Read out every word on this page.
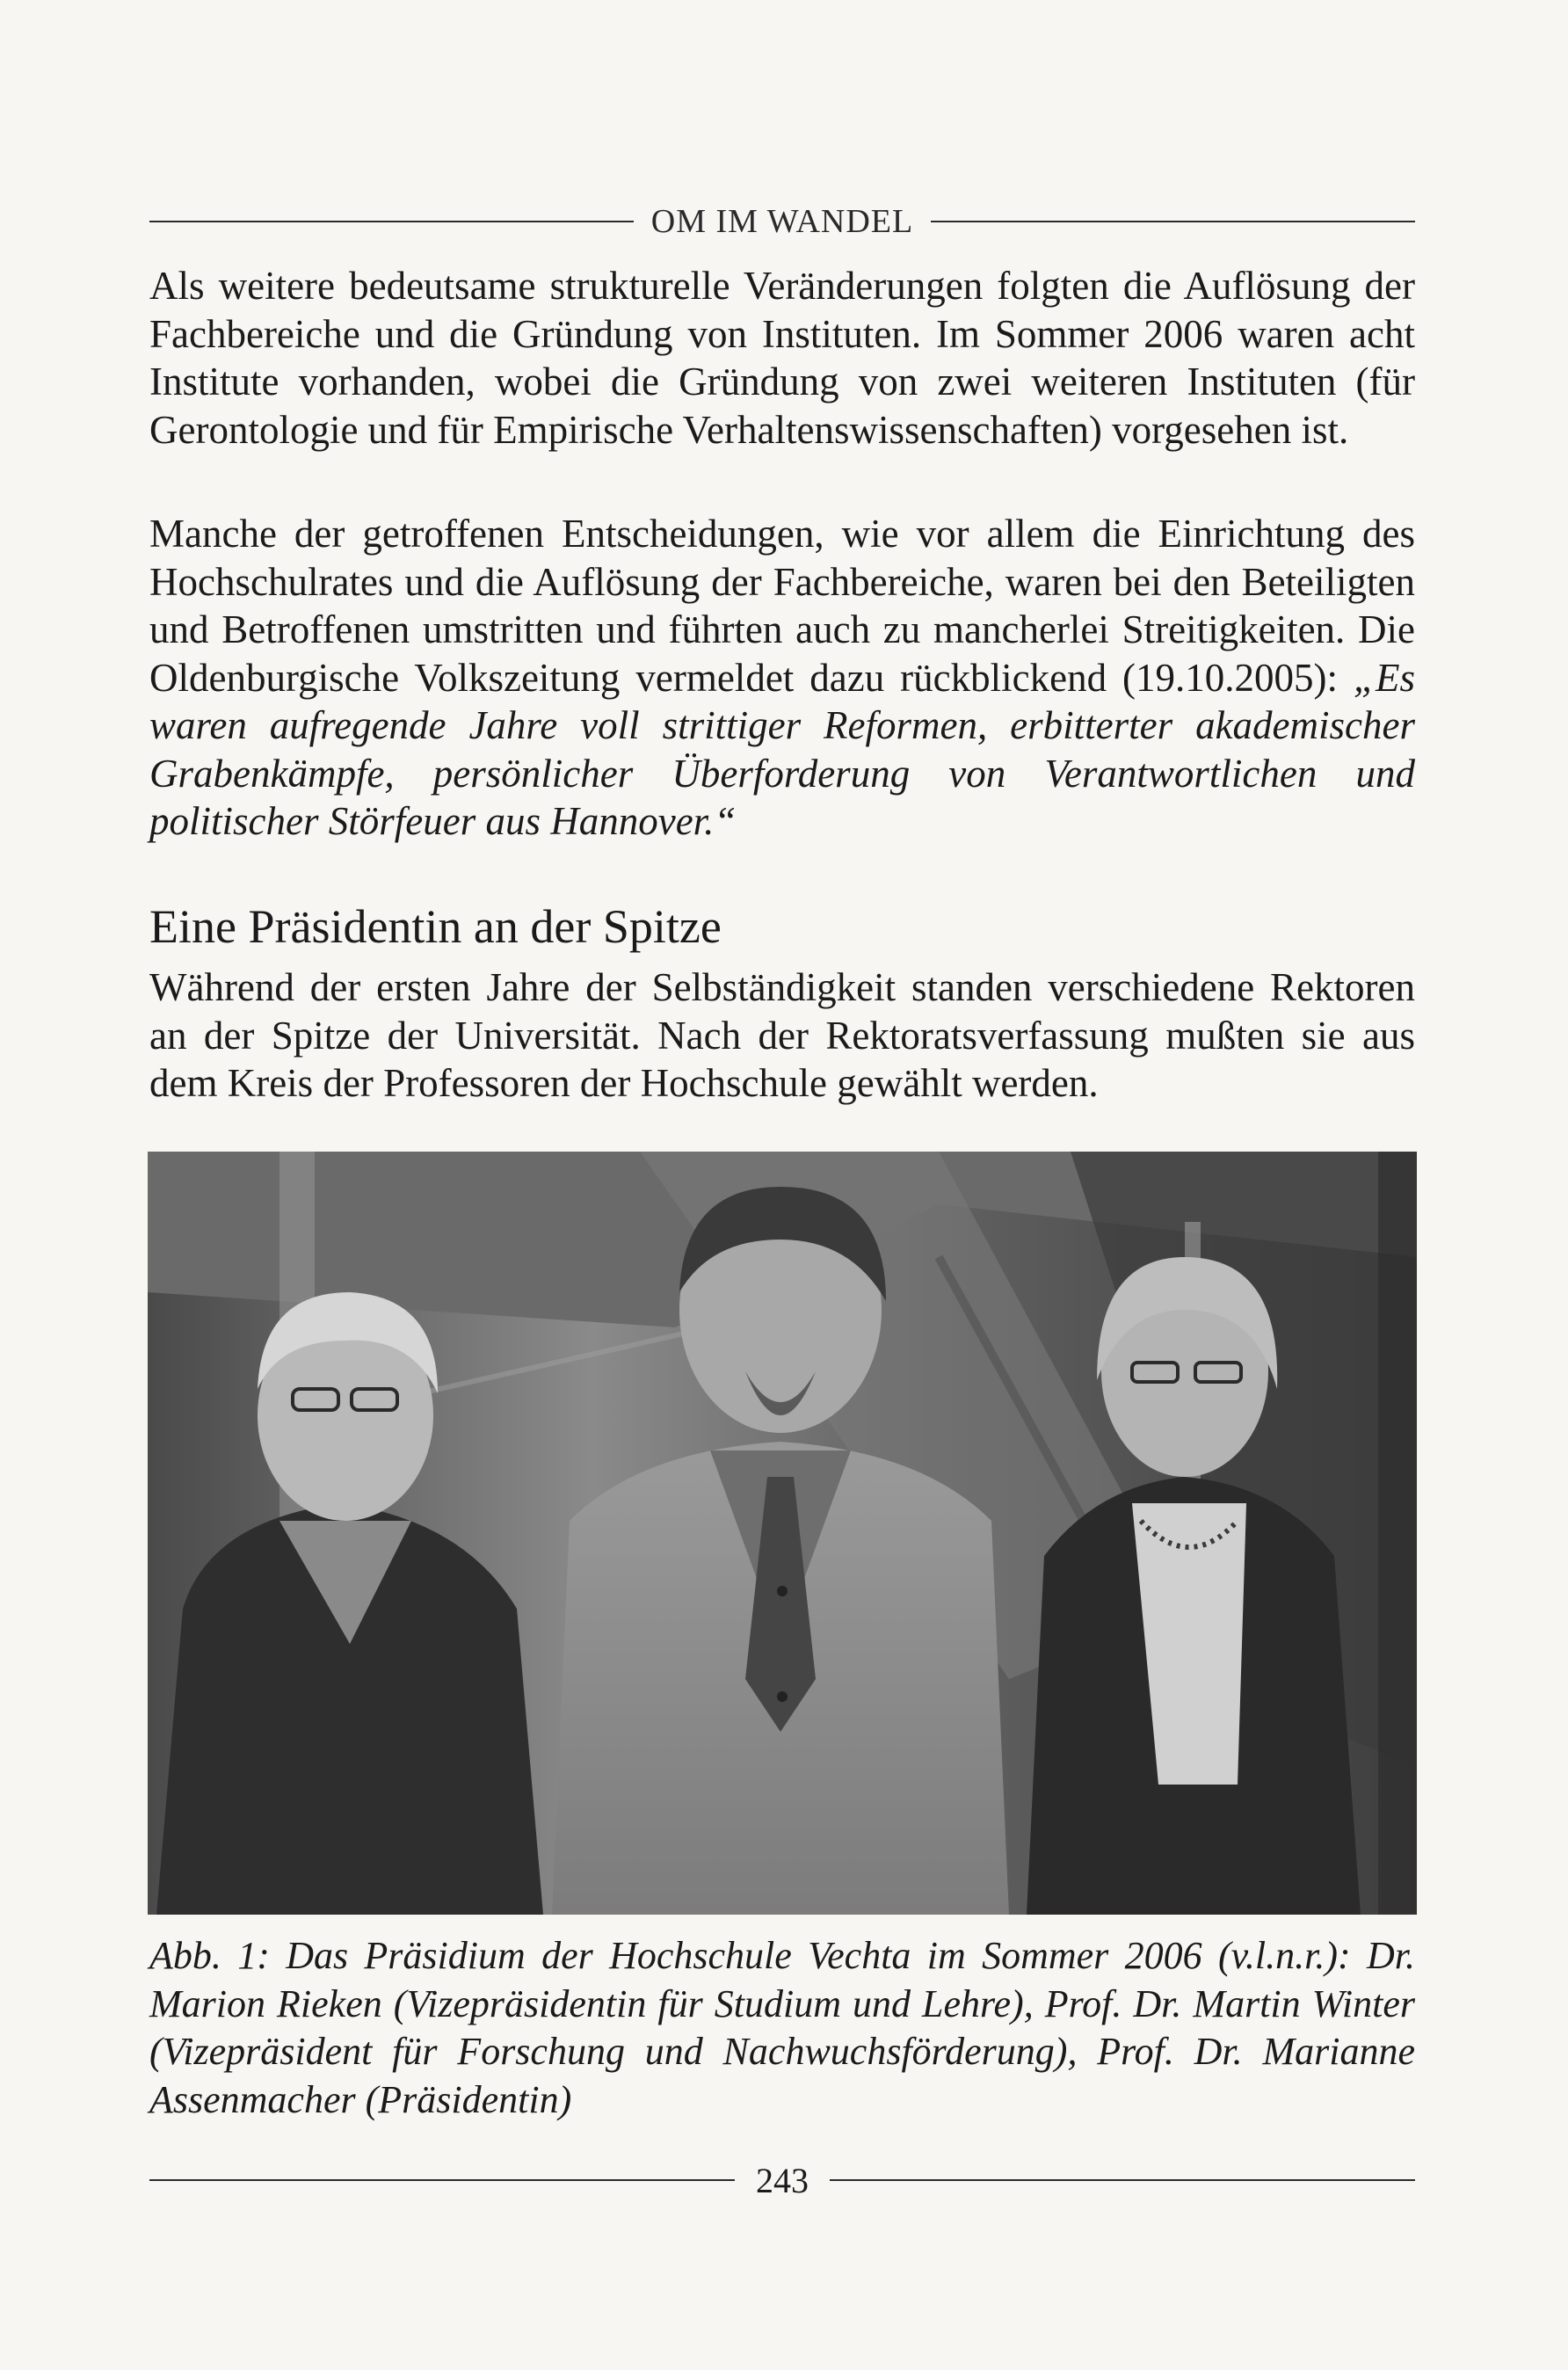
OM IM WANDEL

Als weitere bedeutsame strukturelle Veränderungen folgten die Auflösung der Fachbereiche und die Gründung von Instituten. Im Sommer 2006 waren acht Institute vorhanden, wobei die Gründung von zwei weiteren Instituten (für Gerontologie und für Empirische Verhaltenswissenschaften) vorgesehen ist.

Manche der getroffenen Entscheidungen, wie vor allem die Einrichtung des Hochschulrates und die Auflösung der Fachbereiche, waren bei den Beteiligten und Betroffenen umstritten und führten auch zu mancherlei Streitigkeiten. Die Oldenburgische Volkszeitung vermeldet dazu rückblickend (19.10.2005): „Es waren aufregende Jahre voll strittiger Reformen, erbitterter akademischer Grabenkämpfe, persönlicher Überforderung von Verantwortlichen und politischer Störfeuer aus Hannover.“

Eine Präsidentin an der Spitze

Während der ersten Jahre der Selbständigkeit standen verschiedene Rektoren an der Spitze der Universität. Nach der Rektoratsverfassung mußten sie aus dem Kreis der Professoren der Hochschule gewählt werden.

Abb. 1: Das Präsidium der Hochschule Vechta im Sommer 2006 (v.l.n.r.): Dr. Marion Rieken (Vizepräsidentin für Studium und Lehre), Prof. Dr. Martin Winter (Vizepräsident für Forschung und Nachwuchsförderung), Prof. Dr. Marianne Assenmacher (Präsidentin)

243
